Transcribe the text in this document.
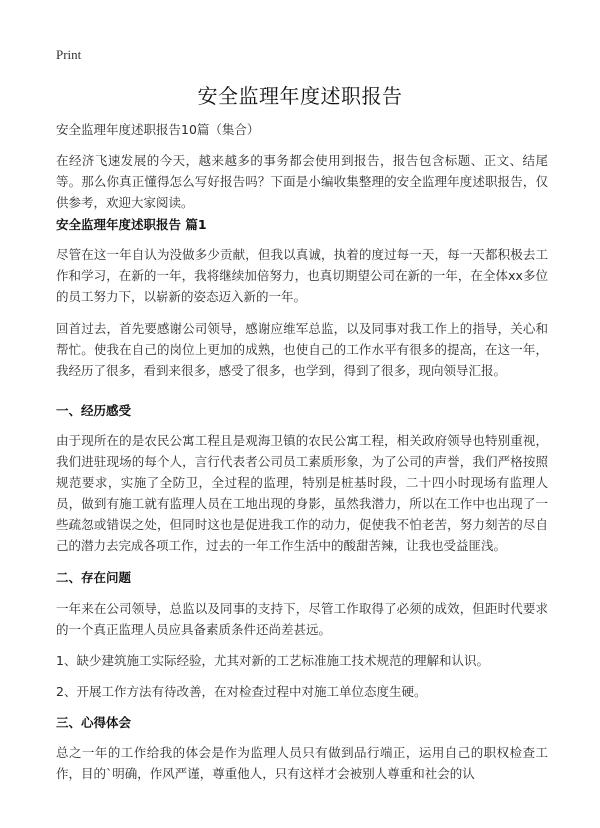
Print
安全监理年度述职报告

安全监理年度述职报告10篇（集合）

在经济飞速发展的今天，越来越多的事务都会使用到报告，报告包含标题、正文、结尾等。那么你真正懂得怎么写好报告吗？下面是小编收集整理的安全监理年度述职报告，仅供参考，欢迎大家阅读。

安全监理年度述职报告 篇1

尽管在这一年自认为没做多少贡献，但我以真诚，执着的度过每一天，每一天都积极去工作和学习，在新的一年，我将继续加倍努力，也真切期望公司在新的一年，在全体xx多位的员工努力下，以崭新的姿态迈入新的一年。

回首过去，首先要感谢公司领导，感谢应维军总监，以及同事对我工作上的指导，关心和帮忙。使我在自己的岗位上更加的成熟，也使自己的工作水平有很多的提高，在这一年，我经历了很多，看到来很多，感受了很多，也学到，得到了很多，现向领导汇报。

一、经历感受

由于现所在的是农民公寓工程且是观海卫镇的农民公寓工程，相关政府领导也特别重视，我们进驻现场的每个人，言行代表者公司员工素质形象，为了公司的声誉，我们严格按照规范要求，实施了全防卫，全过程的监理，特别是桩基时段，二十四小时现场有监理人员，做到有施工就有监理人员在工地出现的身影，虽然我潜力，所以在工作中也出现了一些疏忽或错误之处，但同时这也是促进我工作的动力，促使我不怕老苦，努力刻苦的尽自己的潜力去完成各项工作，过去的一年工作生活中的酸甜苦辣，让我也受益匪浅。

二、存在问题

一年来在公司领导，总监以及同事的支持下，尽管工作取得了必须的成效，但距时代要求的一个真正监理人员应具备素质条件还尚差甚远。

1、缺少建筑施工实际经验，尤其对新的工艺标准施工技术规范的理解和认识。

2、开展工作方法有待改善，在对检查过程中对施工单位态度生硬。

三、心得体会

总之一年的工作给我的体会是作为监理人员只有做到品行端正，运用自己的职权检查工作，目的`明确，作风严谨，尊重他人，只有这样才会被别人尊重和社会的认
